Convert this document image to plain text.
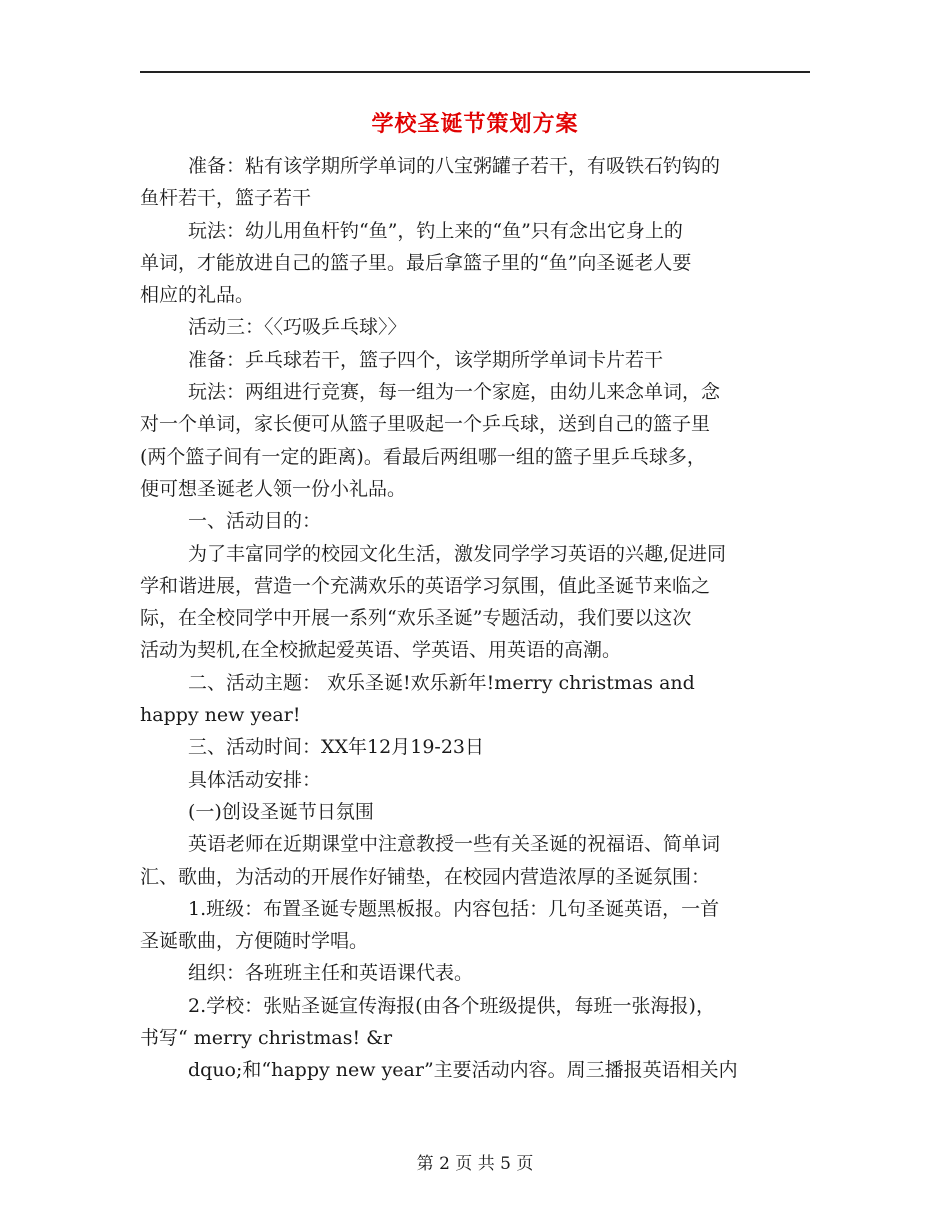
学校圣诞节策划方案
准备：粘有该学期所学单词的八宝粥罐子若干，有吸铁石钓钩的
鱼杆若干，篮子若干
玩法：幼儿用鱼杆钓“鱼”，钓上来的“鱼”只有念出它身上的
单词，才能放进自己的篮子里。最后拿篮子里的“鱼”向圣诞老人要
相应的礼品。
活动三：〈〈巧吸乒乓球〉〉
准备：乒乓球若干，篮子四个，该学期所学单词卡片若干
玩法：两组进行竞赛，每一组为一个家庭，由幼儿来念单词，念
对一个单词，家长便可从篮子里吸起一个乒乓球，送到自己的篮子里
(两个篮子间有一定的距离)。看最后两组哪一组的篮子里乒乓球多，
便可想圣诞老人领一份小礼品。
一、活动目的：
为了丰富同学的校园文化生活，激发同学学习英语的兴趣,促进同
学和谐进展，营造一个充满欢乐的英语学习氛围，值此圣诞节来临之
际，在全校同学中开展一系列“欢乐圣诞”专题活动，我们要以这次
活动为契机,在全校掀起爱英语、学英语、用英语的高潮。
二、活动主题： 欢乐圣诞!欢乐新年!merry christmas and
happy new year!
三、活动时间：XX年12月19-23日
具体活动安排：
(一)创设圣诞节日氛围
英语老师在近期课堂中注意教授一些有关圣诞的祝福语、简单词
汇、歌曲，为活动的开展作好铺垫，在校园内营造浓厚的圣诞氛围：
1.班级：布置圣诞专题黑板报。内容包括：几句圣诞英语，一首
圣诞歌曲，方便随时学唱。
组织：各班班主任和英语课代表。
2.学校：张贴圣诞宣传海报(由各个班级提供，每班一张海报)，
书写“ merry christmas! &r
dquo;和“happy new year”主要活动内容。周三播报英语相关内
第 2 页 共 5 页
